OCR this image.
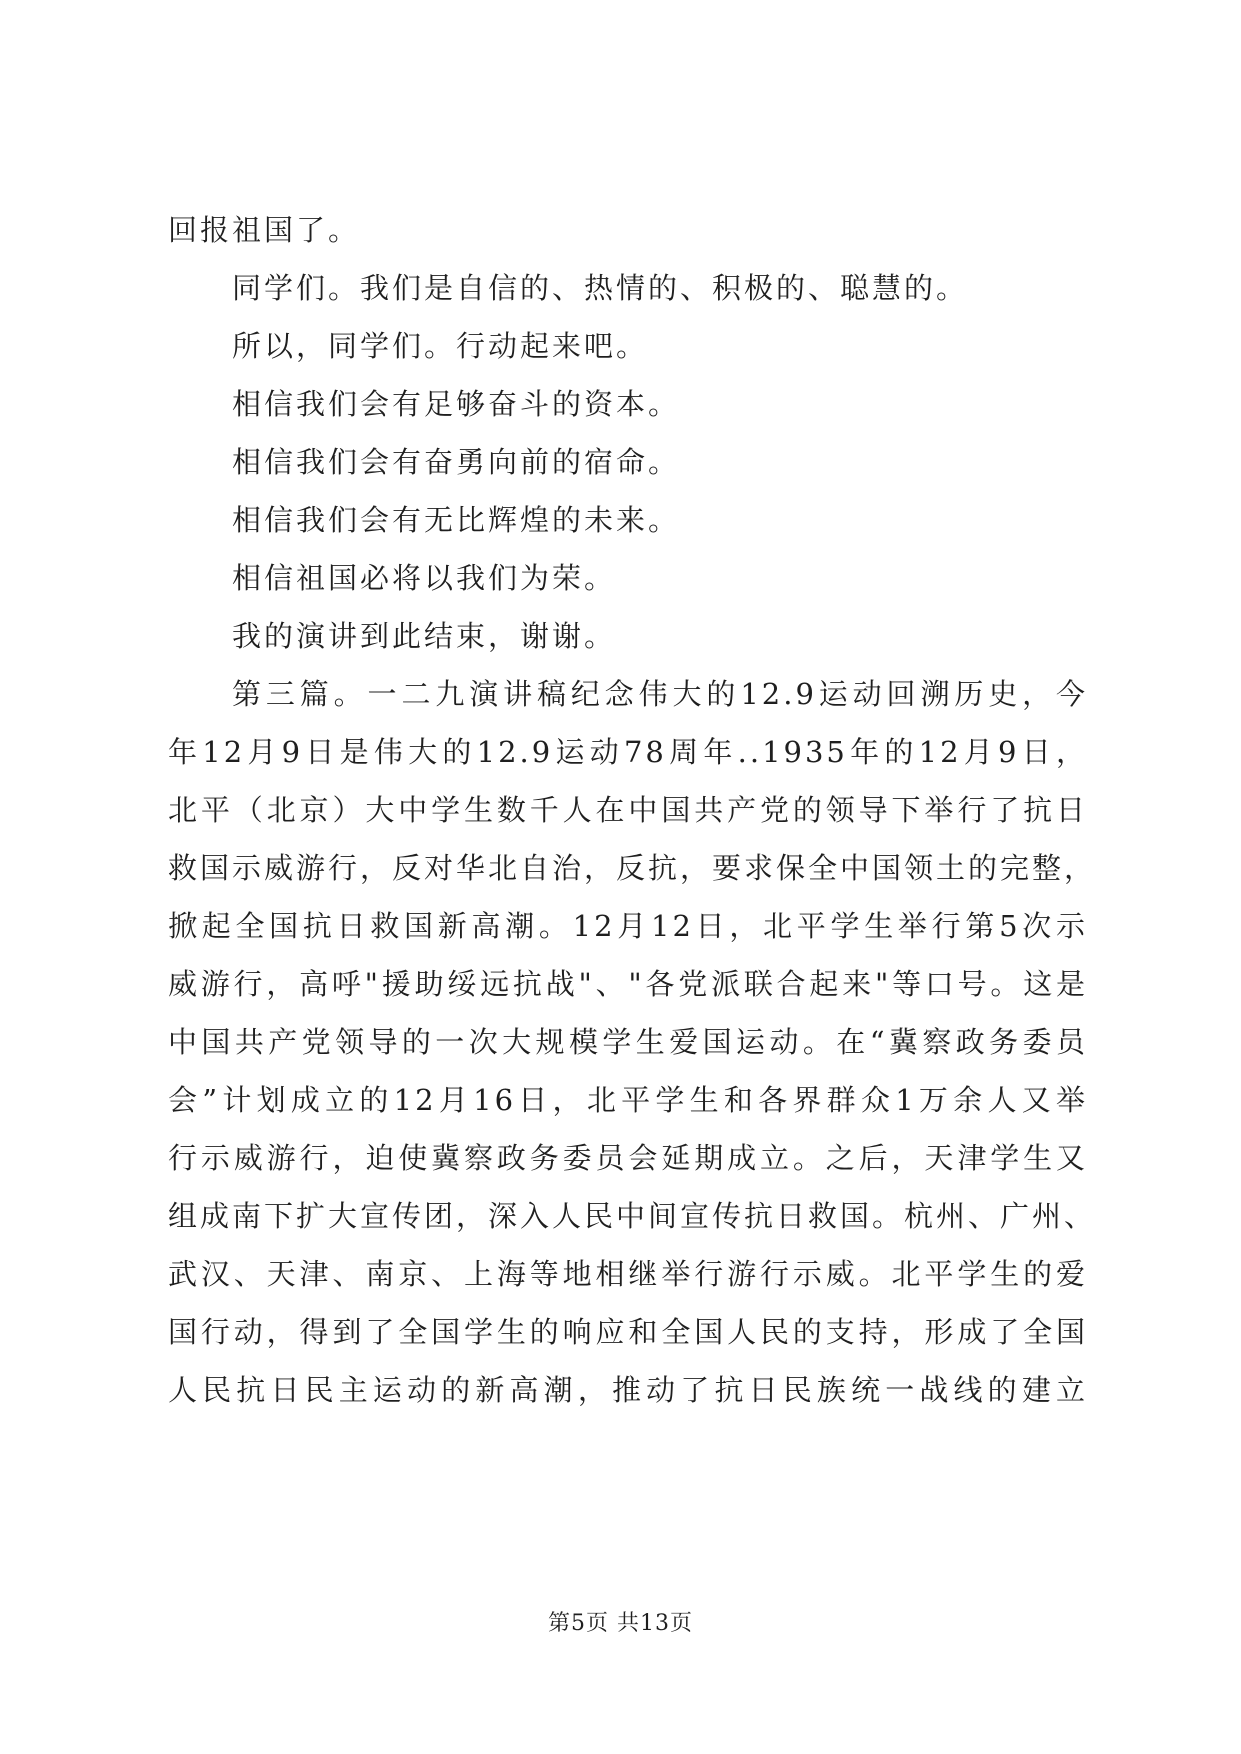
回报祖国了。
同学们。我们是自信的、热情的、积极的、聪慧的。
所以，同学们。行动起来吧。
相信我们会有足够奋斗的资本。
相信我们会有奋勇向前的宿命。
相信我们会有无比辉煌的未来。
相信祖国必将以我们为荣。
我的演讲到此结束，谢谢。
第三篇。一二九演讲稿纪念伟大的12.9运动回溯历史，今
年12月9日是伟大的12.9运动78周年..1935年的12月9日，
北平（北京）大中学生数千人在中国共产党的领导下举行了抗日
救国示威游行，反对华北自治，反抗，要求保全中国领土的完整，
掀起全国抗日救国新高潮。12月12日，北平学生举行第5次示
威游行，高呼"援助绥远抗战"、"各党派联合起来"等口号。这是
中国共产党领导的一次大规模学生爱国运动。在“冀察政务委员
会”计划成立的12月16日，北平学生和各界群众1万余人又举
行示威游行，迫使冀察政务委员会延期成立。之后，天津学生又
组成南下扩大宣传团，深入人民中间宣传抗日救国。杭州、广州、
武汉、天津、南京、上海等地相继举行游行示威。北平学生的爱
国行动，得到了全国学生的响应和全国人民的支持，形成了全国
人民抗日民主运动的新高潮，推动了抗日民族统一战线的建立
第5页 共13页
